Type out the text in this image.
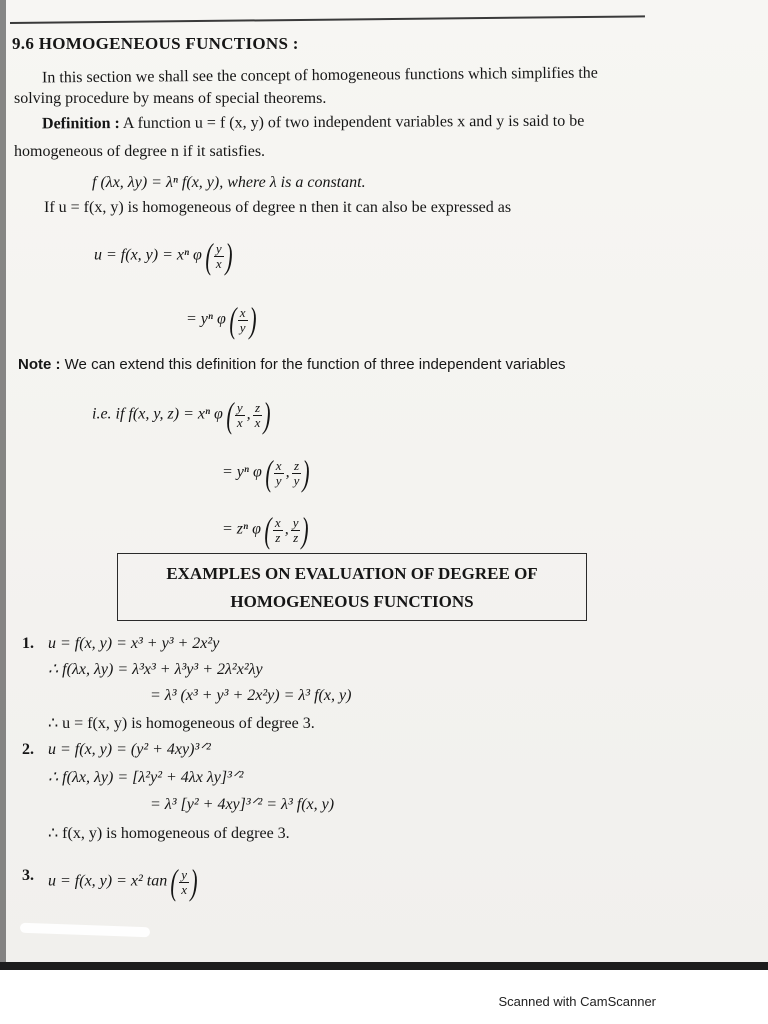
9.6 HOMOGENEOUS FUNCTIONS :
In this section we shall see the concept of homogeneous functions which simplifies the
solving procedure by means of special theorems.
Definition : A function u = f (x, y) of two independent variables x and y is said to be
homogeneous of degree n if it satisfies.
f (λx, λy) = λⁿ f(x, y), where λ is a constant.
If u = f(x, y) is homogeneous of degree n then it can also be expressed as
u = f(x, y) = xⁿ φ ( $\frac{y}{x}$ )
= yⁿ φ ( $\frac{x}{y}$ )
Note : We can extend this definition for the function of three independent variables
i.e. if f(x, y, z) = xⁿ φ ( $\frac{y}{x}$ , $\frac{z}{x}$ )
= yⁿ φ ( $\frac{x}{y}$ , $\frac{z}{y}$ )
= zⁿ φ ( $\frac{x}{z}$ , $\frac{y}{z}$ )
EXAMPLES ON EVALUATION OF DEGREE OF
HOMOGENEOUS FUNCTIONS
1. u = f(x, y) = x³ + y³ + 2x²y
∴ f(λx, λy) = λ³x³ + λ³y³ + 2λ²x²λy
= λ³ (x³ + y³ + 2x²y) = λ³ f(x, y)
∴ u = f(x, y) is homogeneous of degree 3.
2. u = f(x, y) = (y² + 4xy)³ᐟ²
∴ f(λx, λy) = [λ²y² + 4λx λy]³ᐟ²
= λ³ [y² + 4xy]³ᐟ² = λ³ f(x, y)
∴ f(x, y) is homogeneous of degree 3.
3. u = f(x, y) = x² tan ( $\frac{y}{x}$ )
Scanned with CamScanner
